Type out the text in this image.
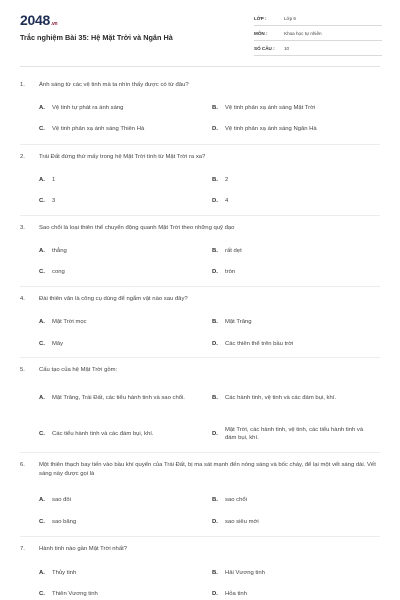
2048.vn
Trắc nghiệm Bài 35: Hệ Mặt Trời và Ngân Hà
LỚP :	Lớp 6
MÔN :	Khoa học tự nhiên
SỐ CÂU :	10
1.	Ánh sáng từ các vệ tinh mà ta nhìn thấy được có từ đâu?
A.	Vệ tinh tự phát ra ánh sáng	B.	Vệ tinh phản xạ ánh sáng Mặt Trời
C.	Vệ tinh phản xạ ánh sáng Thiên Hà	D.	Vệ tinh phản xạ ánh sáng Ngân Hà
2.	Trái Đất đứng thứ mấy trong hệ Mặt Trời tính từ Mặt Trời ra xa?
A.	1	B.	2
C.	3	D.	4
3.	Sao chổi là loại thiên thể chuyển động quanh Mặt Trời theo những quỹ đạo
A.	thẳng	B.	rất dẹt
C.	cong	D.	tròn
4.	Đài thiên văn là công cụ dùng để ngắm vật nào sau đây?
A.	Mặt Trời mọc	B.	Mặt Trăng
C.	Mây	D.	Các thiên thể trên bầu trời
5.	Cấu tạo của hệ Mặt Trời gồm:
A.	Mặt Trăng, Trái Đất, các tiểu hành tinh và sao chổi.	B.	Các hành tinh, vệ tinh và các đám bụi, khí.
C.	Các tiểu hành tinh và các đám bụi, khí.	D.
Mặt Trời, các hành tinh, vệ tinh, các tiểu hành tinh và đám bụi, khí.
6.	Một thiên thạch bay tiến vào bầu khí quyển của Trái Đất, bị ma sát mạnh đến nóng sáng và bốc cháy, để lại một vết sáng dài. Vết sáng này được gọi là
A.	sao đôi	B.	sao chổi
C.	sao băng	D.	sao siêu mới
7.	Hành tinh nào gần Mặt Trời nhất?
A.	Thủy tinh	B.	Hải Vương tinh
C.	Thiên Vương tinh	D.	Hỏa tinh
